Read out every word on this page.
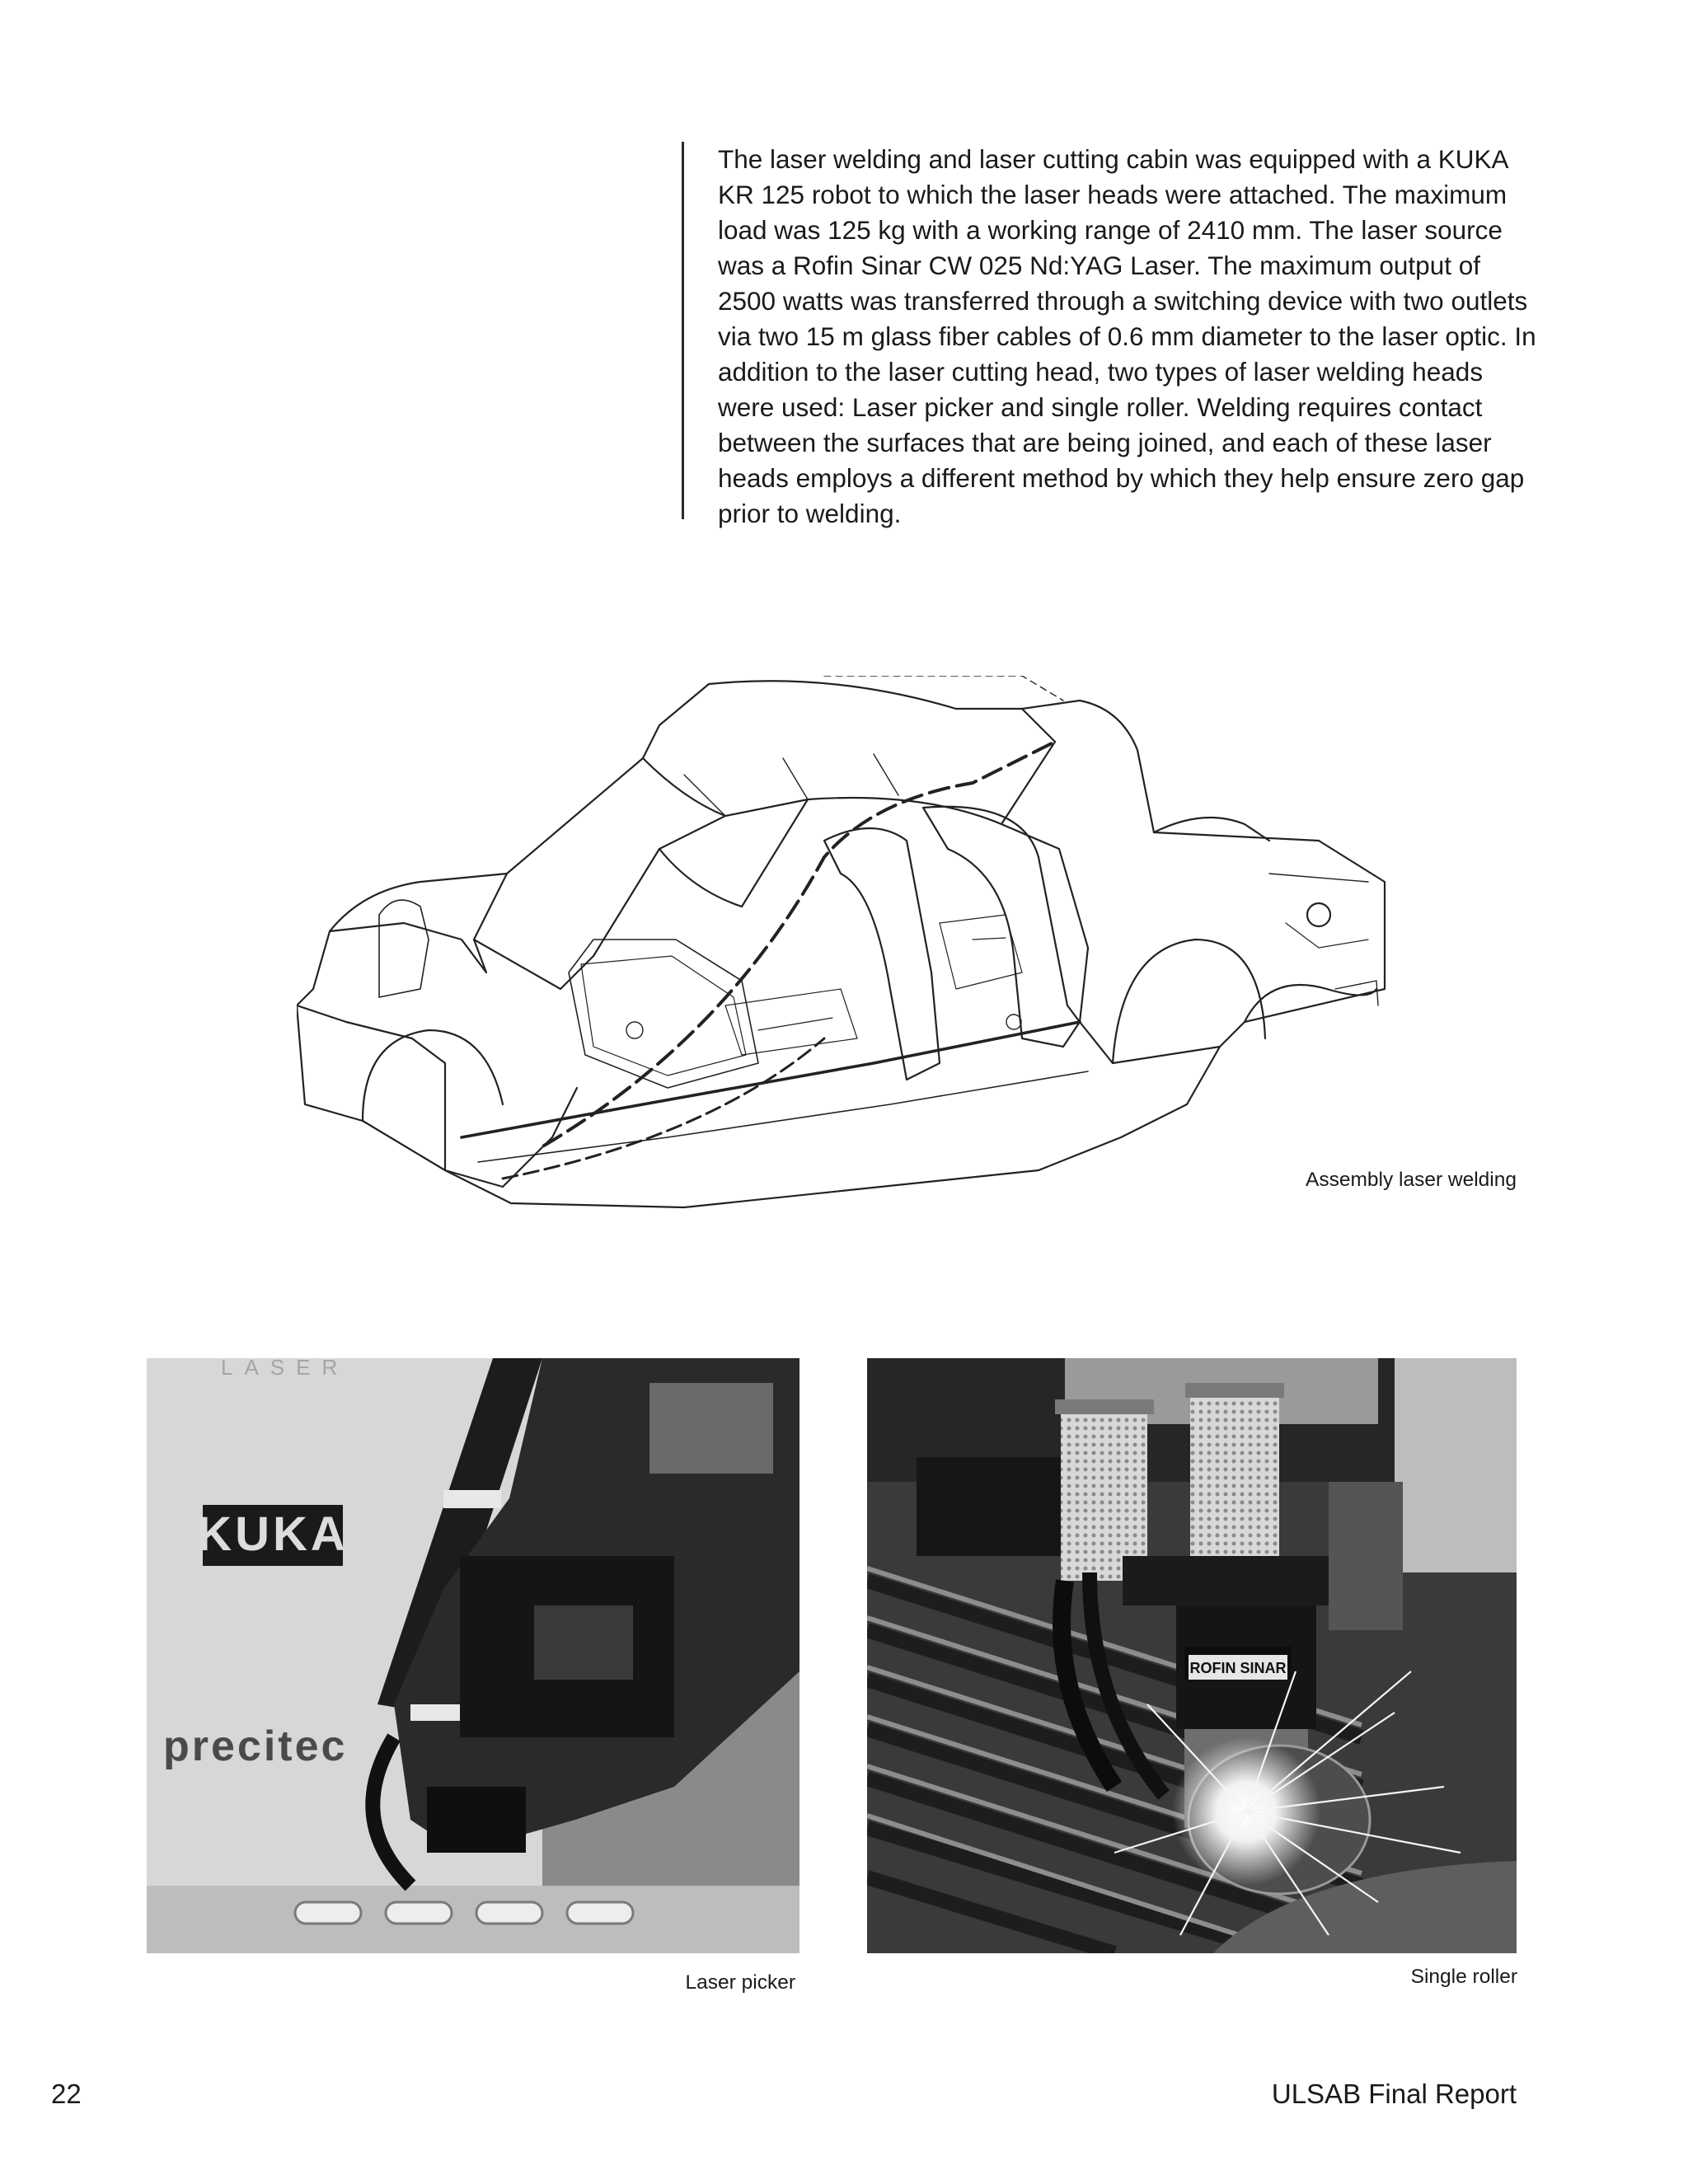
The laser welding and laser cutting cabin was equipped with a KUKA KR 125 robot to which the laser heads were attached. The maximum load was 125 kg with a working range of 2410 mm. The laser source was a Rofin Sinar CW 025 Nd:YAG Laser. The maximum output of 2500 watts was transferred through a switching device with two outlets via two 15 m glass fiber cables of 0.6 mm diameter to the laser optic. In addition to the laser cutting head, two types of laser welding heads were used: Laser picker and single roller. Welding requires contact between the surfaces that are being joined, and each of these laser heads employs a different method by which they help ensure zero gap prior to welding.

Assembly laser welding
KUKA
precitec
LASER
Laser picker
ROFIN SINAR
Single roller
22	ULSAB Final Report
